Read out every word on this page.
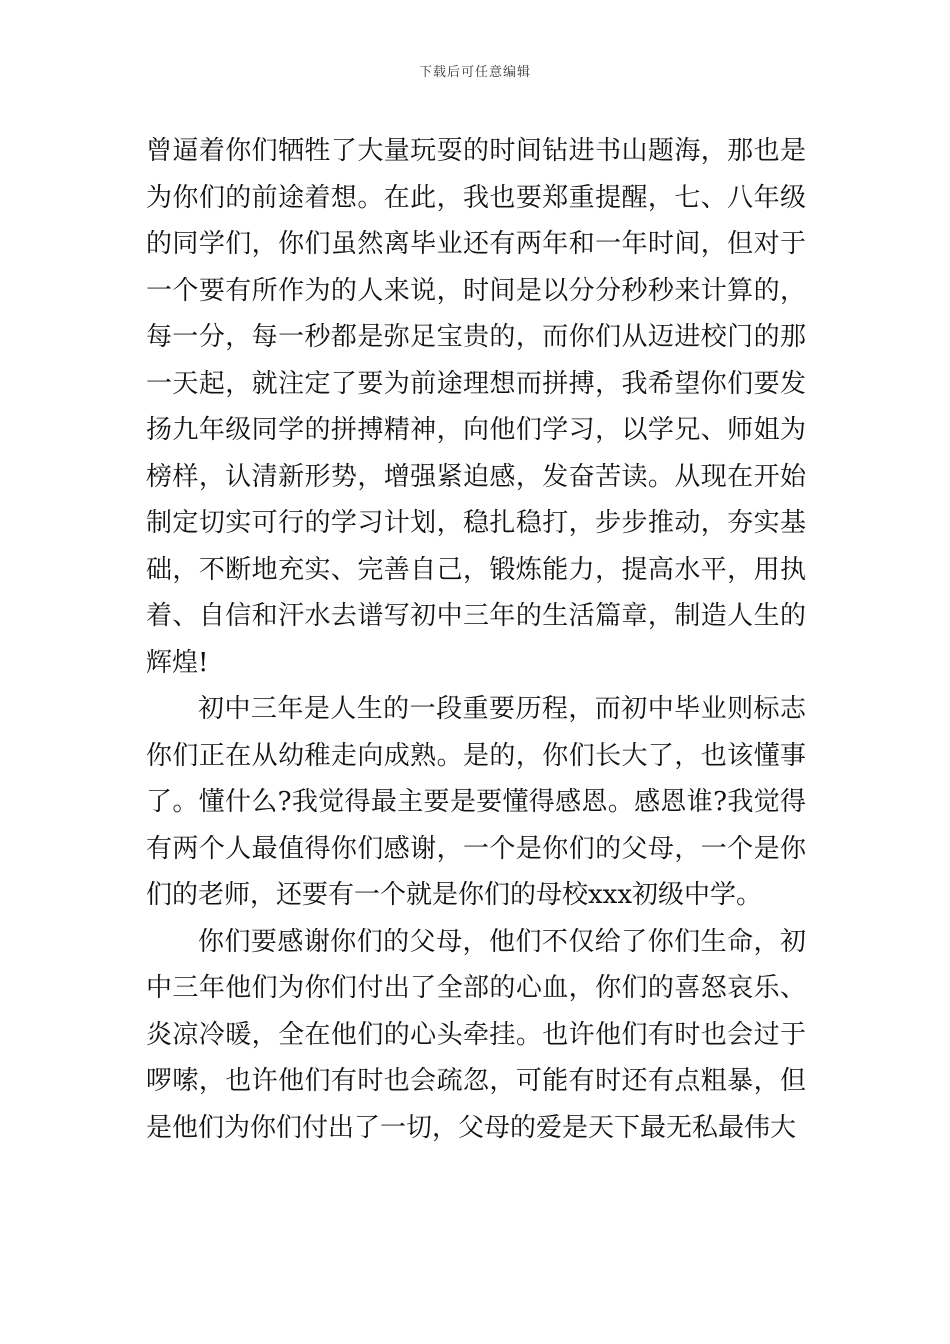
下载后可任意编辑

曾逼着你们牺牲了大量玩耍的时间钻进书山题海，那也是为你们的前途着想。在此，我也要郑重提醒，七、八年级的同学们，你们虽然离毕业还有两年和一年时间，但对于一个要有所作为的人来说，时间是以分分秒秒来计算的，每一分，每一秒都是弥足宝贵的，而你们从迈进校门的那一天起，就注定了要为前途理想而拼搏，我希望你们要发扬九年级同学的拼搏精神，向他们学习，以学兄、师姐为榜样，认清新形势，增强紧迫感，发奋苦读。从现在开始制定切实可行的学习计划，稳扎稳打，步步推动，夯实基础，不断地充实、完善自己，锻炼能力，提高水平，用执着、自信和汗水去谱写初中三年的生活篇章，制造人生的辉煌!

初中三年是人生的一段重要历程，而初中毕业则标志你们正在从幼稚走向成熟。是的，你们长大了，也该懂事了。懂什么?我觉得最主要是要懂得感恩。感恩谁?我觉得有两个人最值得你们感谢，一个是你们的父母，一个是你们的老师，还要有一个就是你们的母校xxx初级中学。

你们要感谢你们的父母，他们不仅给了你们生命，初中三年他们为你们付出了全部的心血，你们的喜怒哀乐、炎凉冷暖，全在他们的心头牵挂。也许他们有时也会过于啰嗦，也许他们有时也会疏忽，可能有时还有点粗暴，但是他们为你们付出了一切，父母的爱是天下最无私最伟大
